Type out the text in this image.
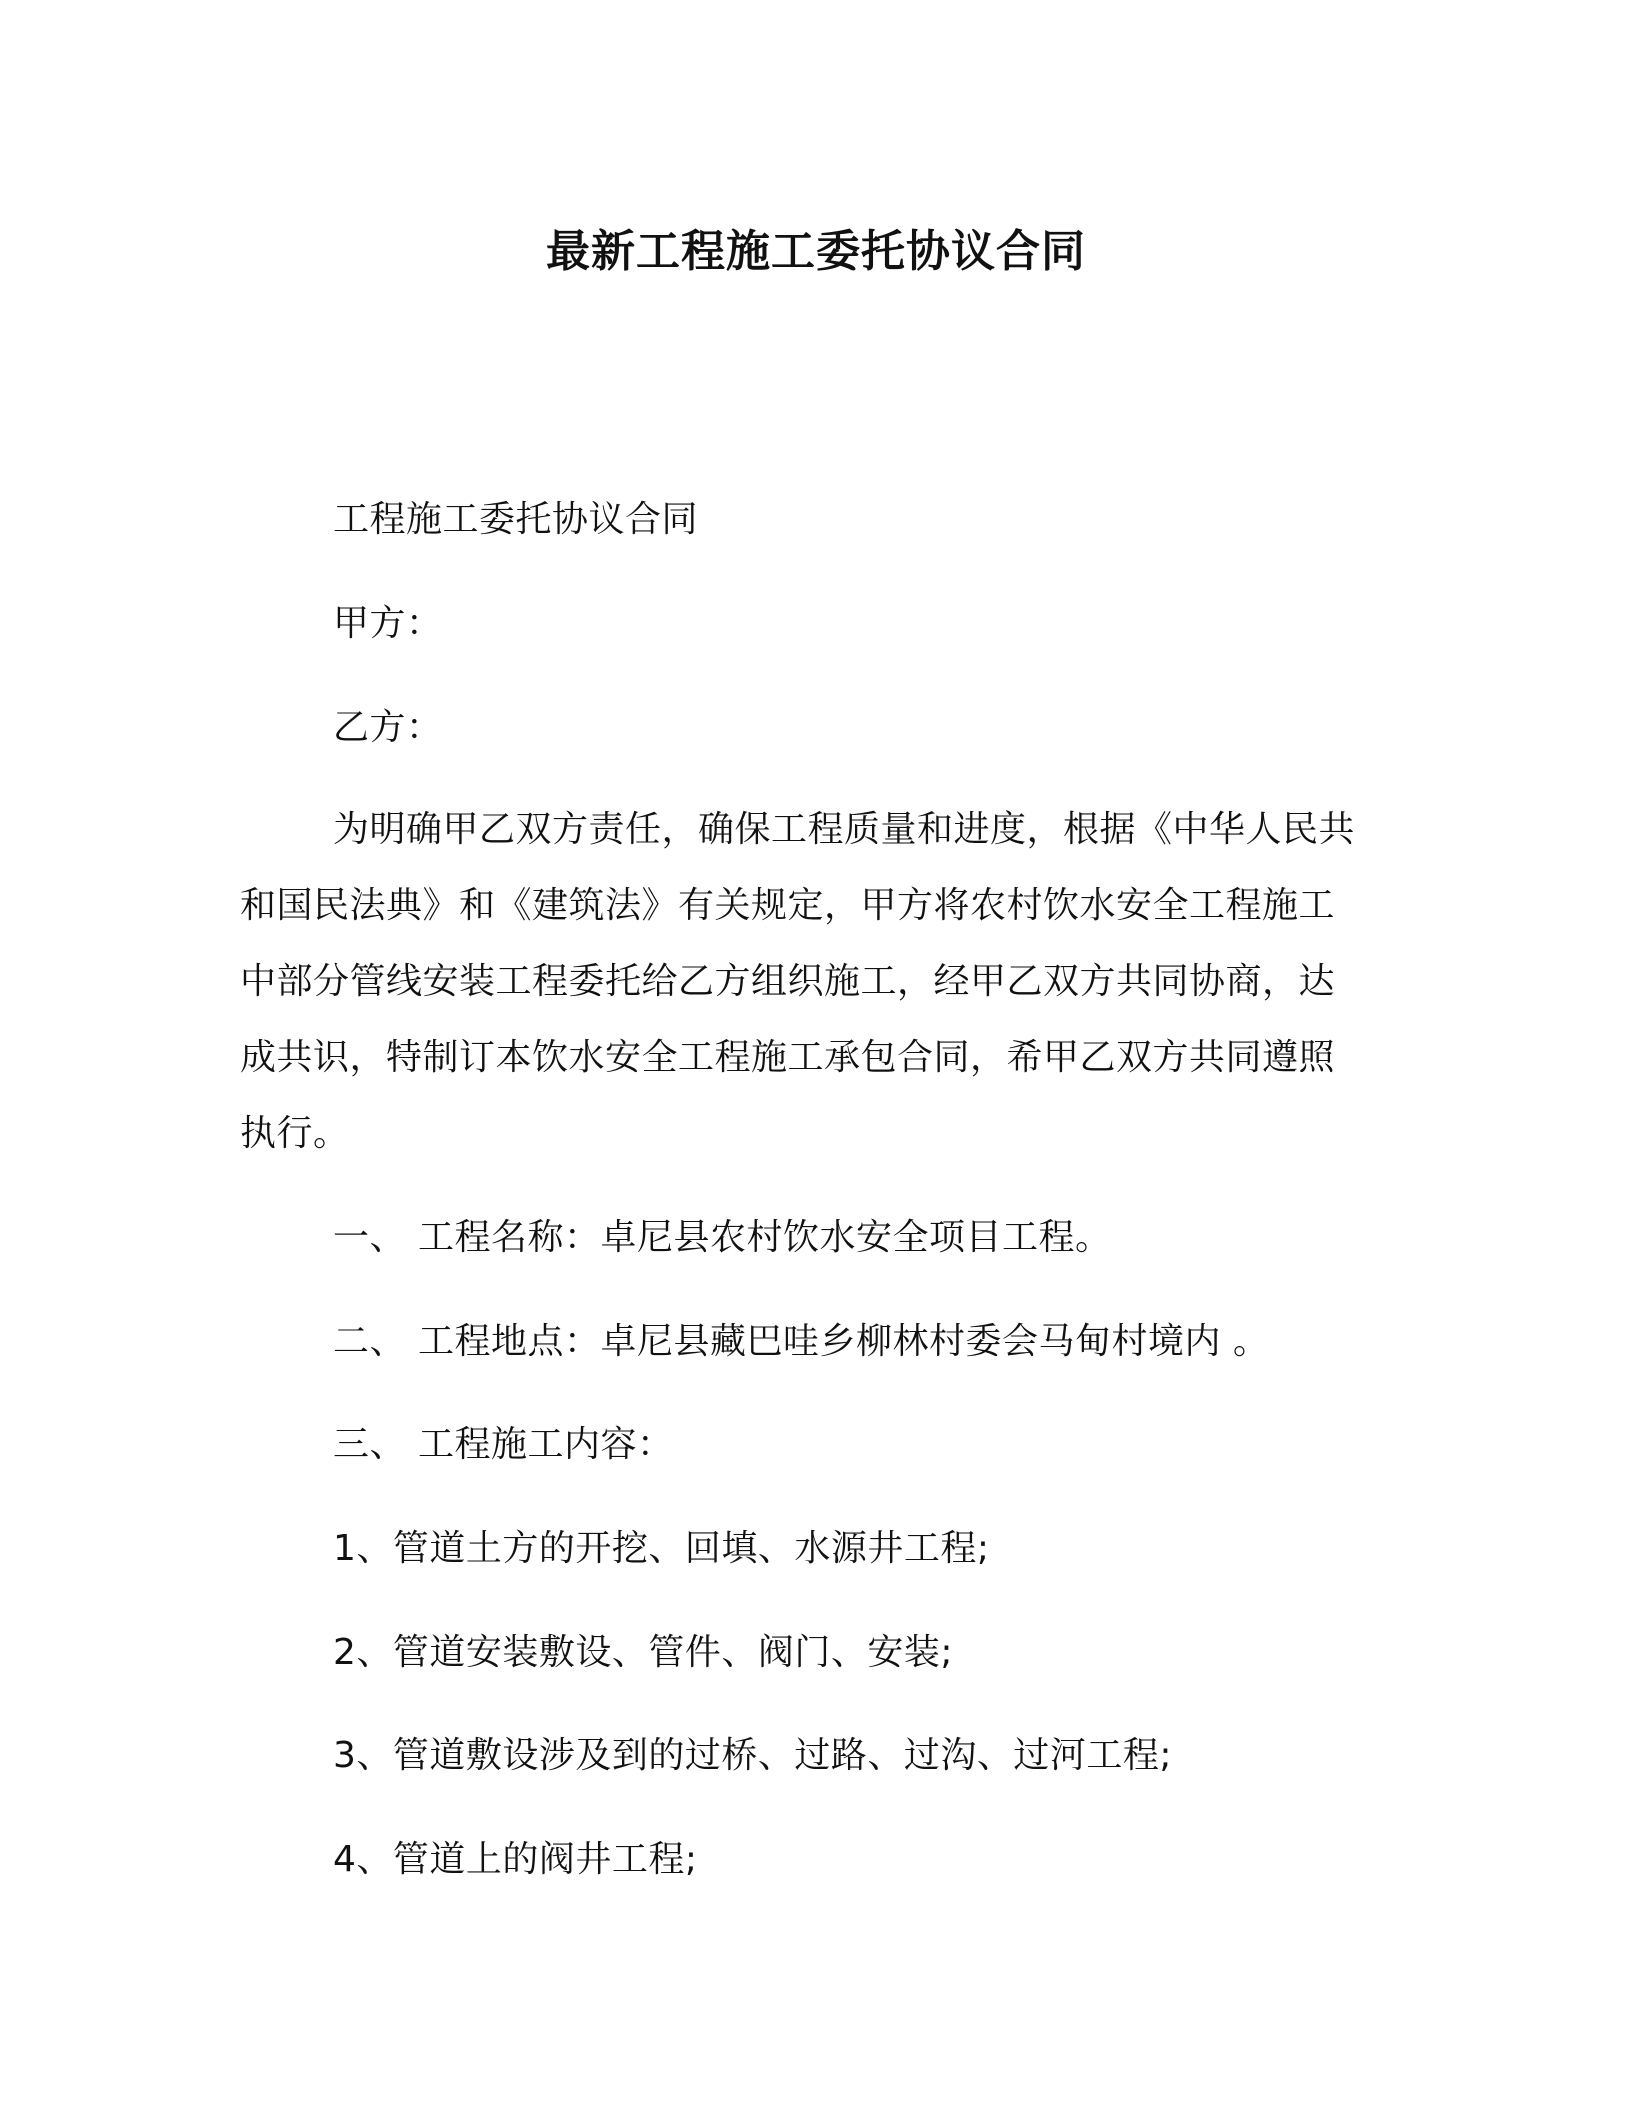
最新工程施工委托协议合同
工程施工委托协议合同
甲方：
乙方：
为明确甲乙双方责任，确保工程质量和进度，根据《中华人民共
和国民法典》和《建筑法》有关规定，甲方将农村饮水安全工程施工
中部分管线安装工程委托给乙方组织施工，经甲乙双方共同协商，达
成共识，特制订本饮水安全工程施工承包合同，希甲乙双方共同遵照
执行。
一、 工程名称：卓尼县农村饮水安全项目工程。
二、 工程地点：卓尼县藏巴哇乡柳林村委会马甸村境内 。
三、 工程施工内容：
1、管道土方的开挖、回填、水源井工程;
2、管道安装敷设、管件、阀门、安装;
3、管道敷设涉及到的过桥、过路、过沟、过河工程;
4、管道上的阀井工程;
